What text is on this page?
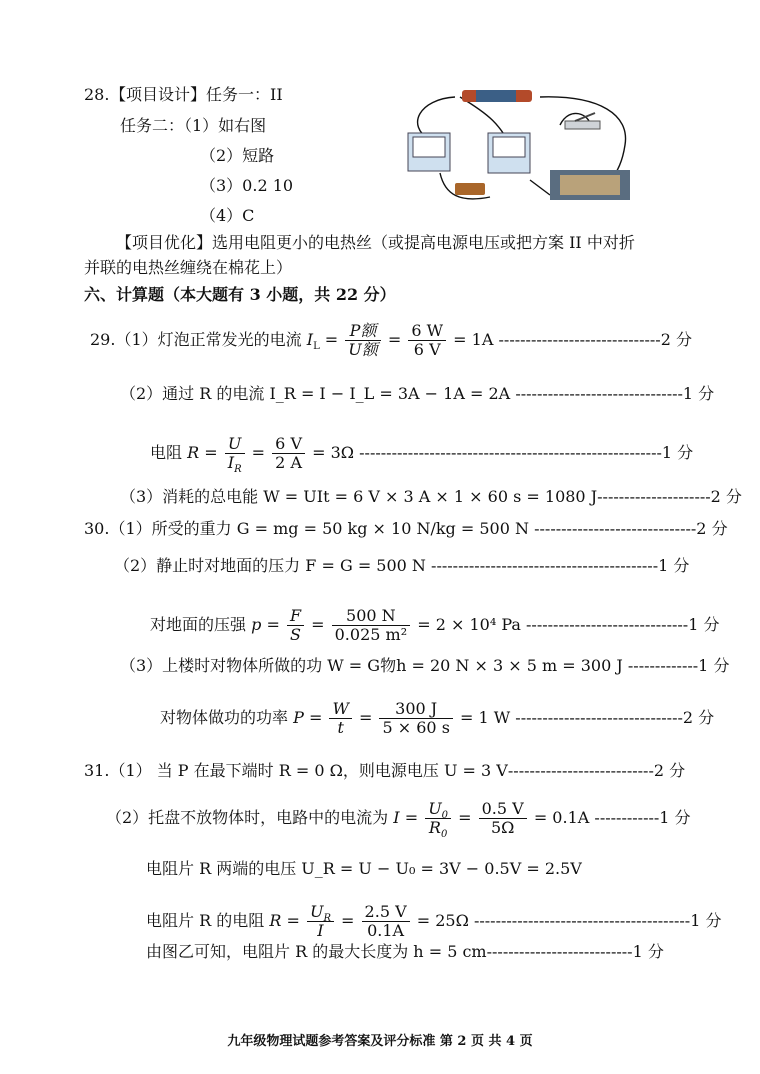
28. 【项目设计】任务一：II
任务二：（1）如右图
（2）短路
（3）0.2 10
（4）C
【项目优化】选用电阻更小的电热丝（或提高电源电压或把方案 II 中对折
并联的电热丝缠绕在棉花上）
六、计算题（本大题有 3 小题，共 22 分）
29.（1）灯泡正常发光的电流 $I_L = \frac{\text{P额}}{\text{U额}} = \frac{6 W}{6 V} = 1A$ ------------------------------2 分
（2）通过 R 的电流 I_R = I − I_L = 3A − 1A = 2A -------------------------------1 分
电阻 $R = \frac{U}{I_R} = \frac{6 V}{2 A} = 3\Omega$ --------------------------------------------------------1 分
（3）消耗的总电能 W = UIt = 6 V × 3 A × 1 × 60 s = 1080 J---------------------2 分
30.（1）所受的重力 G = mg = 50 kg × 10 N/kg = 500 N ------------------------------2 分
（2）静止时对地面的压力 F = G = 500 N ------------------------------------------1 分
对地面的压强 $p = \frac{F}{S} = \frac{500 N}{\text{0.025 m²}} = 2 \times 10^4$ Pa ------------------------------1 分
（3）上楼时对物体所做的功 W = G物h = 20 N × 3 × 5 m = 300 J -------------1 分
对物体做功的功率 $P = \frac{W}{t} = \frac{300 J}{5 \times 60 s} = 1$ W -------------------------------2 分
31.（1） 当 P 在最下端时 R = 0 Ω，则电源电压 U = 3 V---------------------------2 分
（2）托盘不放物体时，电路中的电流为 $I = \frac{U_0}{R_0} = \frac{0.5 V}{5\Omega} = 0.1A$ ------------1 分
电阻片 R 两端的电压 U_R = U − U₀ = 3V − 0.5V = 2.5V
电阻片 R 的电阻 $R = \frac{U_R}{I} = \frac{2.5 V}{0.1A} = 25\Omega$ ----------------------------------------1 分
由图乙可知，电阻片 R 的最大长度为 h = 5 cm---------------------------1 分
九年级物理试题参考答案及评分标准 第 2 页 共 4 页
